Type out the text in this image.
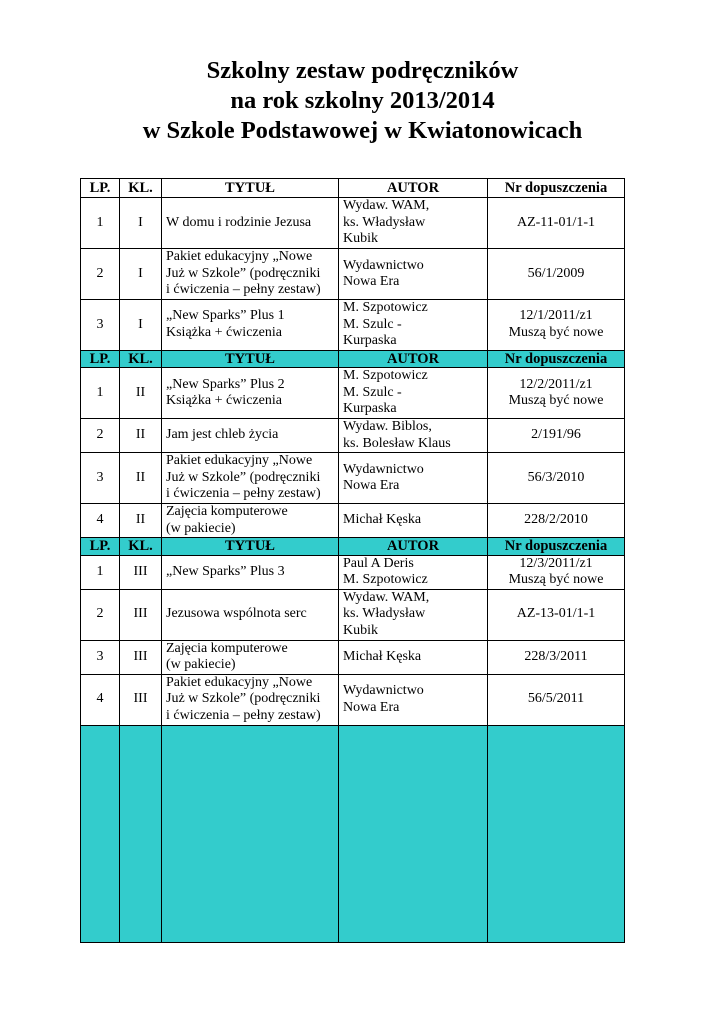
Szkolny zestaw podręczników
na rok szkolny 2013/2014
w Szkole Podstawowej w Kwiatonowicach
LP.	KL.	TYTUŁ	AUTOR	Nr dopuszczenia
1	I	W domu i rodzinie Jezusa	Wydaw. WAM,
ks. Władysław
Kubik	AZ-11-01/1-1

2	I	Pakiet edukacyjny „Nowe
Już w Szkole” (podręczniki
i ćwiczenia – pełny zestaw)	Wydawnictwo
Nowa Era	56/1/2009

3	I	„New Sparks” Plus 1
Książka + ćwiczenia	M. Szpotowicz
M. Szulc -
Kurpaska	12/1/2011/z1
Muszą być nowe

LP.	KL.	TYTUŁ	AUTOR	Nr dopuszczenia
1	II	„New Sparks” Plus 2
Książka + ćwiczenia	M. Szpotowicz
M. Szulc -
Kurpaska	12/2/2011/z1
Muszą być nowe

2	II	Jam jest chleb życia	Wydaw. Biblos,
ks. Bolesław Klaus	2/191/96

3	II	Pakiet edukacyjny „Nowe
Już w Szkole” (podręczniki
i ćwiczenia – pełny zestaw)	Wydawnictwo
Nowa Era	56/3/2010

4	II	Zajęcia komputerowe
(w pakiecie)	Michał Kęska	228/2/2010

LP.	KL.	TYTUŁ	AUTOR	Nr dopuszczenia
1	III	„New Sparks” Plus 3	Paul A Deris
M. Szpotowicz	12/3/2011/z1
Muszą być nowe

2	III	Jezusowa wspólnota serc	Wydaw. WAM,
ks. Władysław
Kubik	AZ-13-01/1-1

3	III	Zajęcia komputerowe
(w pakiecie)	Michał Kęska	228/3/2011

4	III	Pakiet edukacyjny „Nowe
Już w Szkole” (podręczniki
i ćwiczenia – pełny zestaw)	Wydawnictwo
Nowa Era	56/5/2011
